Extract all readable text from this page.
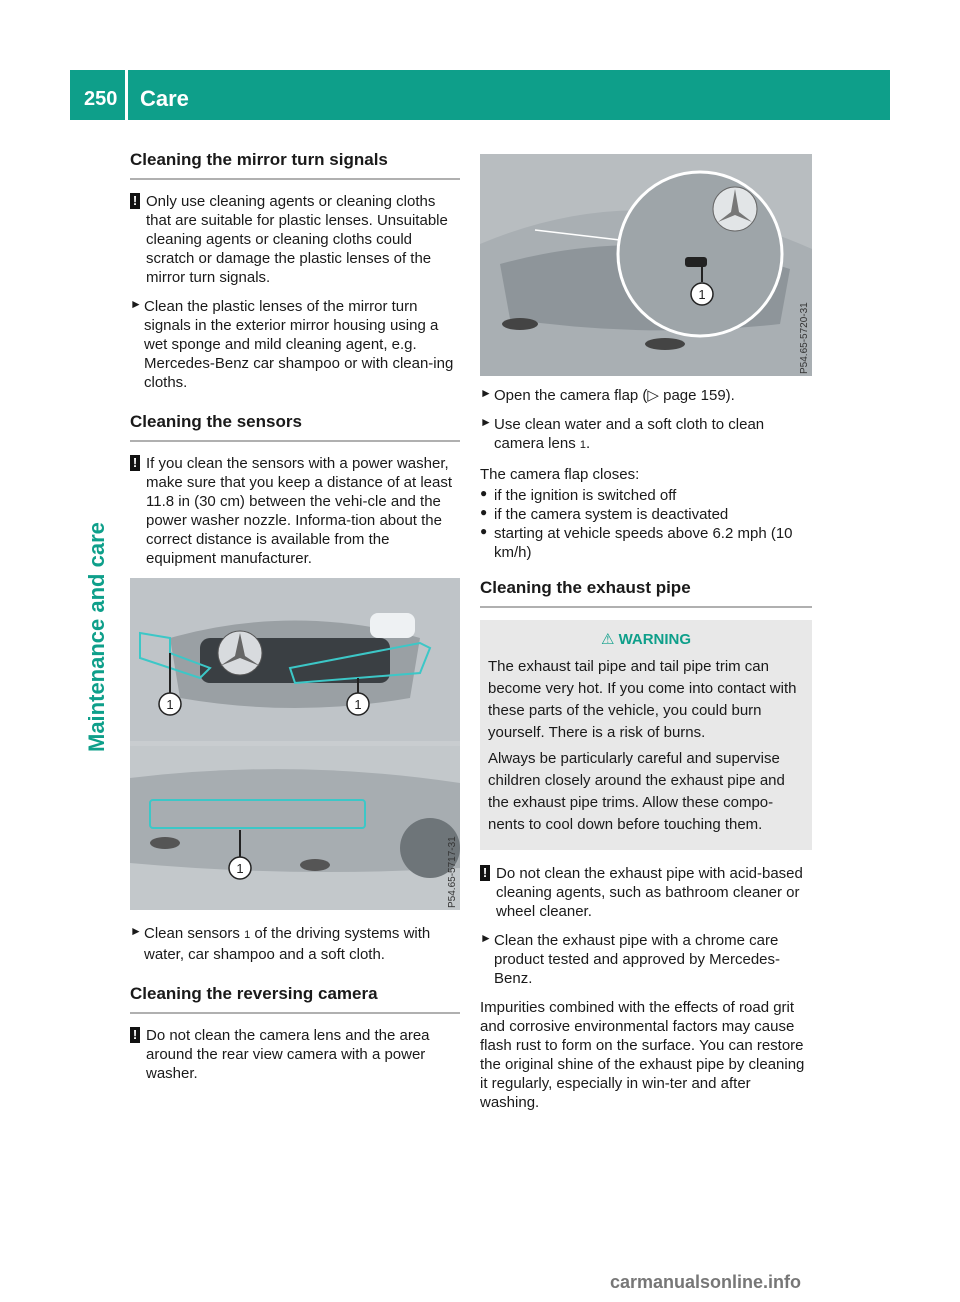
250 Care
Maintenance and care
Cleaning the mirror turn signals
! Only use cleaning agents or cleaning cloths that are suitable for plastic lenses. Unsuitable cleaning agents or cleaning cloths could scratch or damage the plastic lenses of the mirror turn signals.

► Clean the plastic lenses of the mirror turn signals in the exterior mirror housing using a wet sponge and mild cleaning agent, e.g. Mercedes-Benz car shampoo or with clean-ing cloths.

Cleaning the sensors
! If you clean the sensors with a power washer, make sure that you keep a distance of at least 11.8 in (30 cm) between the vehi-cle and the power washer nozzle. Informa-tion about the correct distance is available from the equipment manufacturer.

1	1
1	P54.65-5717-31
► Clean sensors 1 of the driving systems with water, car shampoo and a soft cloth.

Cleaning the reversing camera
! Do not clean the camera lens and the area around the rear view camera with a power washer.

1
P54.65-5720-31
► Open the camera flap (▷ page 159).

► Use clean water and a soft cloth to clean camera lens 1.

The camera flap closes:

● if the ignition is switched off

● if the camera system is deactivated

● starting at vehicle speeds above 6.2 mph (10 km/h)

Cleaning the exhaust pipe
⚠ WARNING

The exhaust tail pipe and tail pipe trim can become very hot. If you come into contact with these parts of the vehicle, you could burn yourself. There is a risk of burns.

Always be particularly careful and supervise children closely around the exhaust pipe and the exhaust pipe trims. Allow these compo-nents to cool down before touching them.

! Do not clean the exhaust pipe with acid-based cleaning agents, such as bathroom cleaner or wheel cleaner.

► Clean the exhaust pipe with a chrome care product tested and approved by Mercedes-Benz.

Impurities combined with the effects of road grit and corrosive environmental factors may cause flash rust to form on the surface. You can restore the original shine of the exhaust pipe by cleaning it regularly, especially in win-ter and after washing.

carmanualsonline.info
